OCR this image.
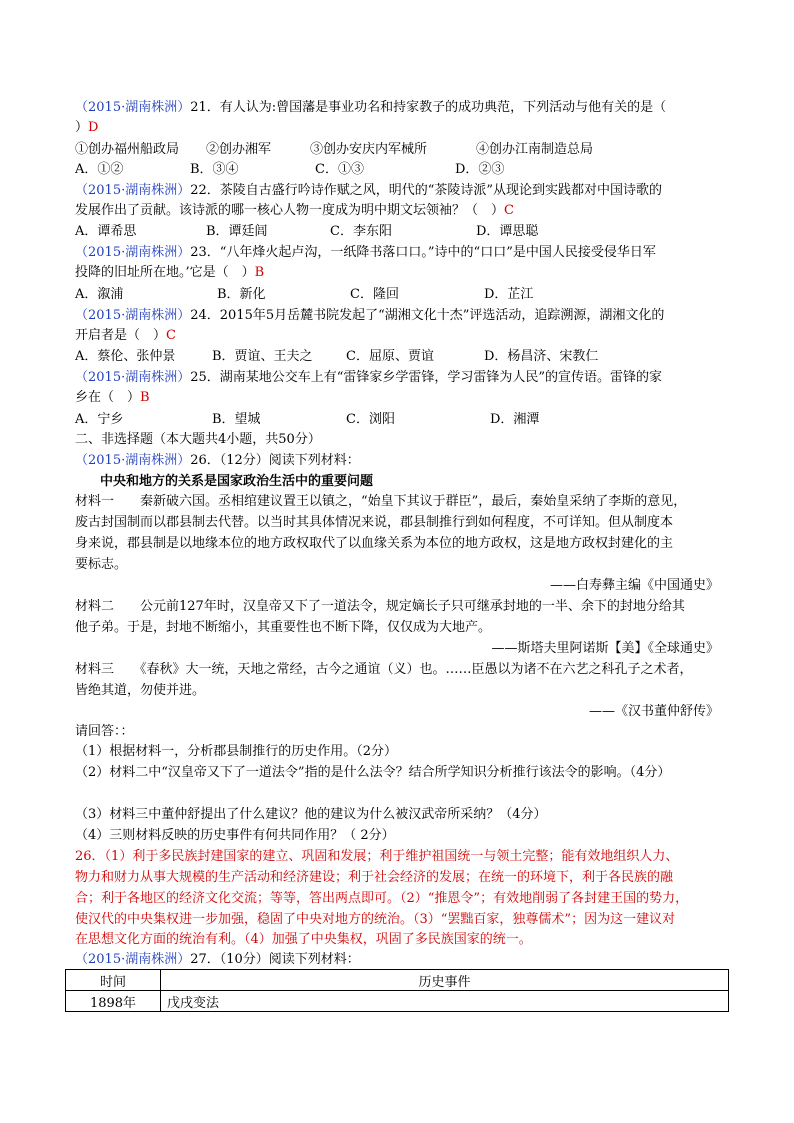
（2015·湖南株洲）21．有人认为:曾国藩是事业功名和持家教子的成功典范，下列活动与他有关的是（
）D
①创办福州船政局 ②创办湘军	③创办安庆内军械所	④创办江南制造总局
A．①②	B．③④	C．①③	D．②③
（2015·湖南株洲）22．茶陵自古盛行吟诗作赋之风，明代的“茶陵诗派”从现论到实践都对中国诗歌的
发展作出了贡献。该诗派的哪一核心人物一度成为明中期文坛领袖？（　）C
A．谭希思	B．谭廷闾	C．李东阳	D．谭思聪
（2015·湖南株洲）23．“八年烽火起卢沟，一纸降书落口口。”诗中的“口口”是中国人民接受侵华日军
投降的旧址所在地。’它是（　）B
A．溆浦	B．新化	C．隆回	D．芷江
（2015·湖南株洲）24．2015年5月岳麓书院发起了“湖湘文化十杰”评选活动，追踪溯源，湖湘文化的
开启者是（　）C
A．蔡伦、张仲景	B．贾谊、王夫之	C．屈原、贾谊	D．杨昌济、宋教仁
（2015·湖南株洲）25．湖南某地公交车上有“雷锋家乡学雷锋，学习雷锋为人民”的宣传语。雷锋的家
乡在（　）B
A．宁乡	B．望城	C．浏阳	D．湘潭
二、非选择题（本大题共4小题，共50分）
（2015·湖南株洲）26．（12分）阅读下列材料：
中央和地方的关系是国家政治生活中的重要问题
材料一　　秦新破六国。丞相绾建议置王以镇之，“始皇下其议于群臣”，最后，秦始皇采纳了李斯的意见，
废古封国制而以郡县制去代替。以当时其具体情况来说，郡县制推行到如何程度，不可详知。但从制度本
身来说，郡县制是以地缘本位的地方政权取代了以血缘关系为本位的地方政权，这是地方政权封建化的主
要标志。
——白寿彝主编《中国通史》
材料二　　公元前127年时，汉皇帝又下了一道法令，规定嫡长子只可继承封地的一半、余下的封地分给其
他子弟。于是，封地不断缩小，其重要性也不断下降，仅仅成为大地产。
——斯塔夫里阿诺斯【美】《全球通史》
材料三　　《春秋》大一统，天地之常经，古今之通谊（义）也。……臣愚以为诸不在六艺之科孔子之术者，
皆绝其道，勿使并进。
——《汉书董仲舒传》
请回答：：
（1）根据材料一，分析郡县制推行的历史作用。（2分）
（2）材料二中“汉皇帝又下了一道法令”指的是什么法令？结合所学知识分析推行该法令的影响。（4分）
（3）材料三中董仲舒提出了什么建议？他的建议为什么被汉武帝所采纳？（4分）
（4）三则材料反映的历史事件有何共同作用？（ 2分）
26．（1）利于多民族封建国家的建立、巩固和发展；利于维护祖国统一与领土完整；能有效地组织人力、
物力和财力从事大规模的生产活动和经济建设；利于社会经济的发展；在统一的环境下，利于各民族的融
合；利于各地区的经济文化交流；等等，答出两点即可。（2）“推恩令”；有效地削弱了各封建王国的势力，
使汉代的中央集权进一步加强，稳固了中央对地方的统治。（3）“罢黜百家，独尊儒术”；因为这一建议对
在思想文化方面的统治有利。（4）加强了中央集权，巩固了多民族国家的统一。
（2015·湖南株洲）27．（10分）阅读下列材料：
时间	历史事件
1898年	戊戌变法
